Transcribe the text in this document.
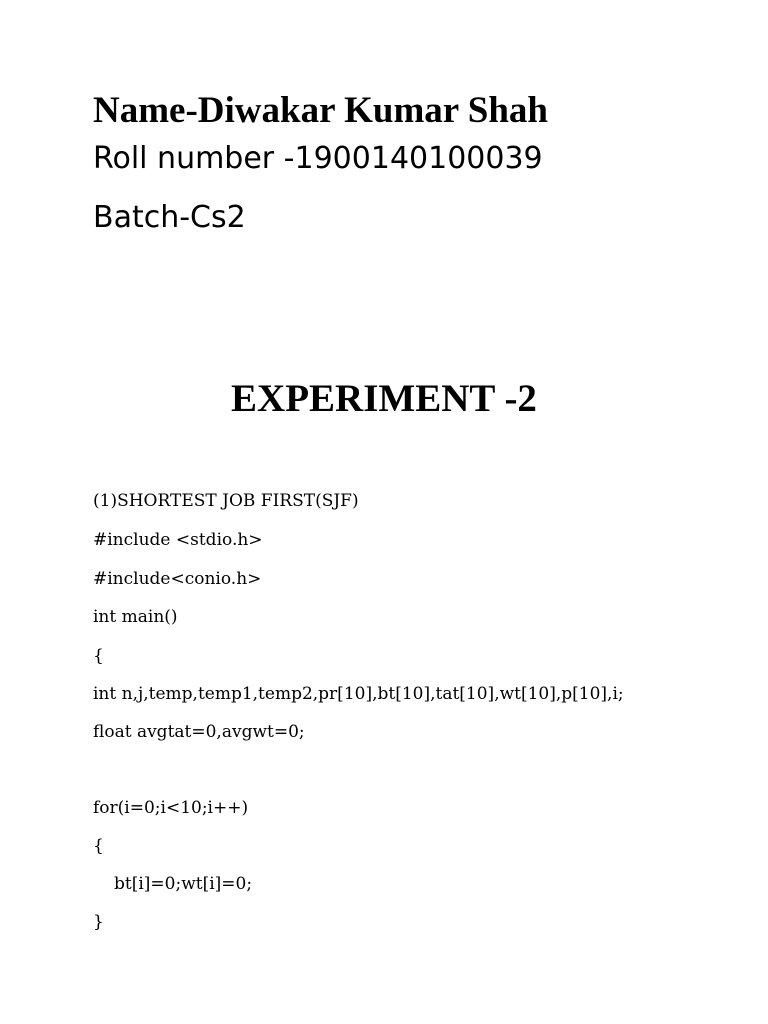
Name-Diwakar Kumar Shah

Roll number -1900140100039

Batch-Cs2

EXPERIMENT -2

(1)SHORTEST JOB FIRST(SJF)

#include <stdio.h>

#include<conio.h>

int main()

{

int n,j,temp,temp1,temp2,pr[10],bt[10],tat[10],wt[10],p[10],i;

float avgtat=0,avgwt=0;

for(i=0;i<10;i++)

{

bt[i]=0;wt[i]=0;

}
